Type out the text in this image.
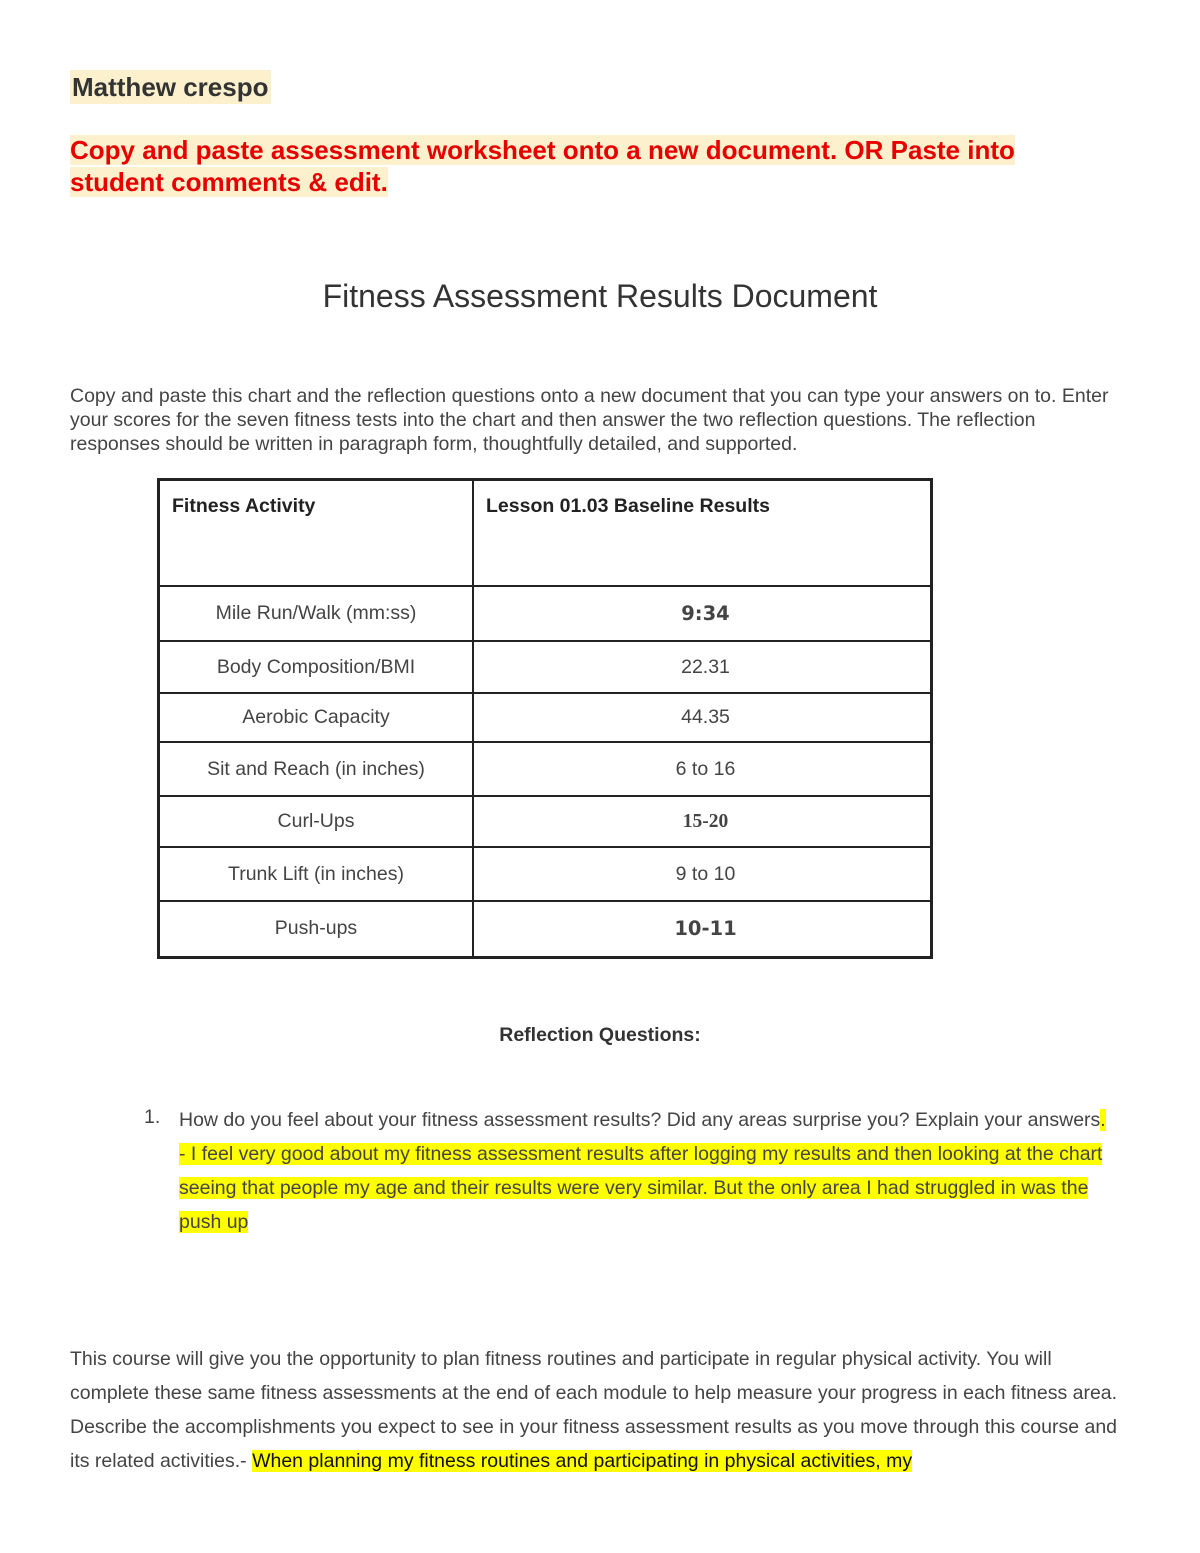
Matthew crespo
Copy and paste assessment worksheet onto a new document. OR Paste into student comments & edit.
Fitness Assessment Results Document
Copy and paste this chart and the reflection questions onto a new document that you can type your answers on to. Enter your scores for the seven fitness tests into the chart and then answer the two reflection questions. The reflection responses should be written in paragraph form, thoughtfully detailed, and supported.
Fitness Activity	Lesson 01.03 Baseline Results
Mile Run/Walk (mm:ss)	9:34
Body Composition/BMI	22.31
Aerobic Capacity	44.35
Sit and Reach (in inches)	6 to 16
Curl-Ups	15-20
Trunk Lift (in inches)	9 to 10
Push-ups	10-11
Reflection Questions:
1. How do you feel about your fitness assessment results? Did any areas surprise you? Explain your answers. - I feel very good about my fitness assessment results after logging my results and then looking at the chart seeing that people my age and their results were very similar. But the only area I had struggled in was the push up
This course will give you the opportunity to plan fitness routines and participate in regular physical activity. You will complete these same fitness assessments at the end of each module to help measure your progress in each fitness area. Describe the accomplishments you expect to see in your fitness assessment results as you move through this course and its related activities.- When planning my fitness routines and participating in physical activities, my
